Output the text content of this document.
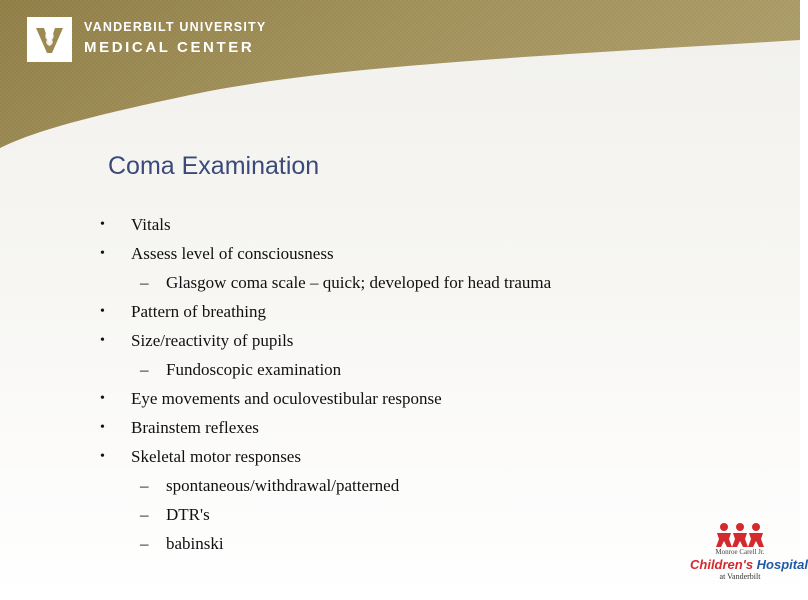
VANDERBILT UNIVERSITY
MEDICAL CENTER
Coma Examination
• Vitals
• Assess level of consciousness
– Glasgow coma scale – quick; developed for head trauma
• Pattern of breathing
• Size/reactivity of pupils
– Fundoscopic examination
• Eye movements and oculovestibular response
• Brainstem reflexes
• Skeletal motor responses
– spontaneous/withdrawal/patterned
– DTR's
– babinski	Monroe Carell Jr.
Children's Hospital
at Vanderbilt
